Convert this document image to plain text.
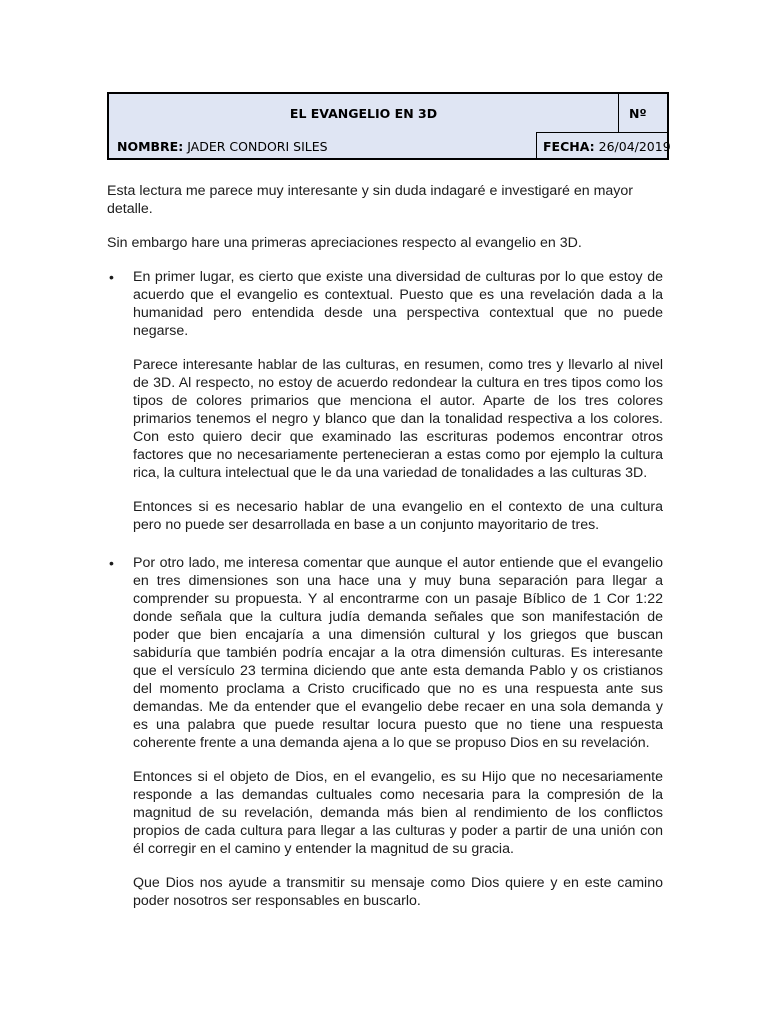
EL EVANGELIO EN 3D	Nº
NOMBRE: JADER CONDORI SILES	FECHA: 26/04/2019

Esta lectura me parece muy interesante y sin duda indagaré e investigaré en mayor detalle.

Sin embargo hare una primeras apreciaciones respecto al evangelio en 3D.

• En primer lugar, es cierto que existe una diversidad de culturas por lo que estoy de acuerdo que el evangelio es contextual. Puesto que es una revelación dada a la humanidad pero entendida desde una perspectiva contextual que no puede negarse.

Parece interesante hablar de las culturas, en resumen, como tres y llevarlo al nivel de 3D. Al respecto, no estoy de acuerdo redondear la cultura en tres tipos como los tipos de colores primarios que menciona el autor. Aparte de los tres colores primarios tenemos el negro y blanco que dan la tonalidad respectiva a los colores. Con esto quiero decir que examinado las escrituras podemos encontrar otros factores que no necesariamente pertenecieran a estas como por ejemplo la cultura rica, la cultura intelectual que le da una variedad de tonalidades a las culturas 3D.

Entonces si es necesario hablar de una evangelio en el contexto de una cultura pero no puede ser desarrollada en base a un conjunto mayoritario de tres.

• Por otro lado, me interesa comentar que aunque el autor entiende que el evangelio en tres dimensiones son una hace una y muy buna separación para llegar a comprender su propuesta. Y al encontrarme con un pasaje Bíblico de 1 Cor 1:22 donde señala que la cultura judía demanda señales que son manifestación de poder que bien encajaría a una dimensión cultural y los griegos que buscan sabiduría que también podría encajar a la otra dimensión culturas. Es interesante que el versículo 23 termina diciendo que ante esta demanda Pablo y os cristianos del momento proclama a Cristo crucificado que no es una respuesta ante sus demandas. Me da entender que el evangelio debe recaer en una sola demanda y es una palabra que puede resultar locura puesto que no tiene una respuesta coherente frente a una demanda ajena a lo que se propuso Dios en su revelación.

Entonces si el objeto de Dios, en el evangelio, es su Hijo que no necesariamente responde a las demandas cultuales como necesaria para la compresión de la magnitud de su revelación, demanda más bien al rendimiento de los conflictos propios de cada cultura para llegar a las culturas y poder a partir de una unión con él corregir en el camino y entender la magnitud de su gracia.

Que Dios nos ayude a transmitir su mensaje como Dios quiere y en este camino poder nosotros ser responsables en buscarlo.
